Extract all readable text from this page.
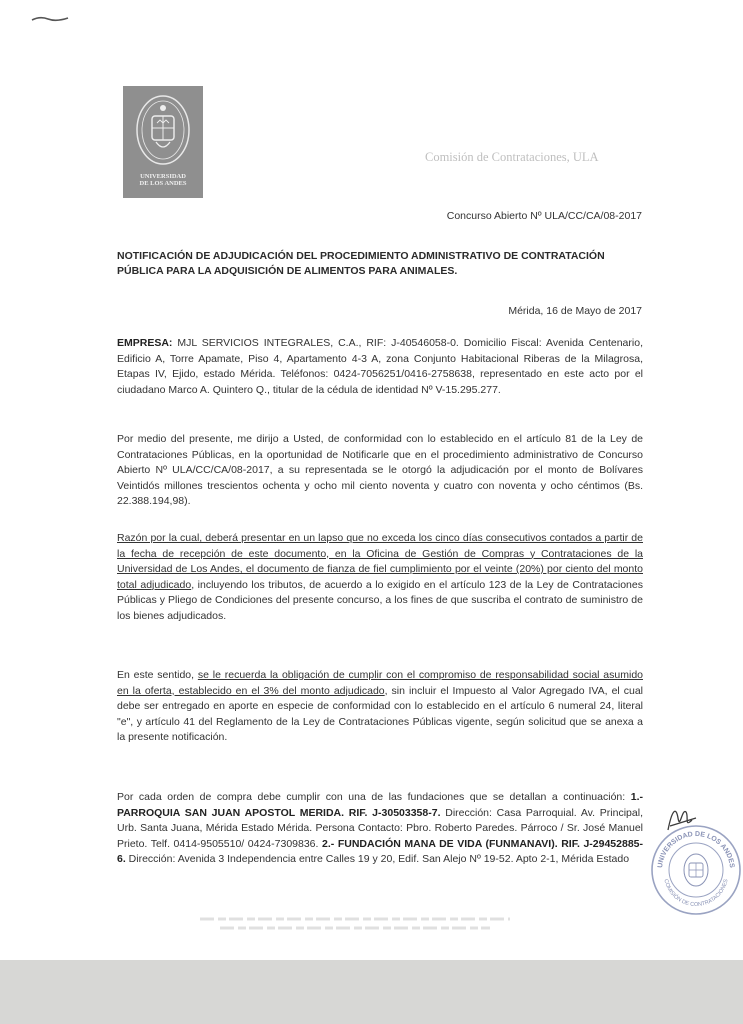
UNIVERSIDAD
DE LOS ANDES
Comisión de Contrataciones, ULA
Concurso Abierto Nº ULA/CC/CA/08-2017
NOTIFICACIÓN DE ADJUDICACIÓN DEL PROCEDIMIENTO ADMINISTRATIVO DE CONTRATACIÓN PÚBLICA PARA LA ADQUISICIÓN DE ALIMENTOS PARA ANIMALES.
Mérida, 16 de Mayo de 2017
EMPRESA: MJL SERVICIOS INTEGRALES, C.A., RIF: J-40546058-0. Domicilio Fiscal: Avenida Centenario, Edificio A, Torre Apamate, Piso 4, Apartamento 4-3 A, zona Conjunto Habitacional Riberas de la Milagrosa, Etapas IV, Ejido, estado Mérida. Teléfonos: 0424-7056251/0416-2758638, representado en este acto por el ciudadano Marco A. Quintero Q., titular de la cédula de identidad Nº V-15.295.277.
Por medio del presente, me dirijo a Usted, de conformidad con lo establecido en el artículo 81 de la Ley de Contrataciones Públicas, en la oportunidad de Notificarle que en el procedimiento administrativo de Concurso Abierto Nº ULA/CC/CA/08-2017, a su representada se le otorgó la adjudicación por el monto de Bolívares Veintidós millones trescientos ochenta y ocho mil ciento noventa y cuatro con noventa y ocho céntimos (Bs. 22.388.194,98).
Razón por la cual, deberá presentar en un lapso que no exceda los cinco días consecutivos contados a partir de la fecha de recepción de este documento, en la Oficina de Gestión de Compras y Contrataciones de la Universidad de Los Andes, el documento de fianza de fiel cumplimiento por el veinte (20%) por ciento del monto total adjudicado, incluyendo los tributos, de acuerdo a lo exigido en el artículo 123 de la Ley de Contrataciones Públicas y Pliego de Condiciones del presente concurso, a los fines de que suscriba el contrato de suministro de los bienes adjudicados.
En este sentido, se le recuerda la obligación de cumplir con el compromiso de responsabilidad social asumido en la oferta, establecido en el 3% del monto adjudicado, sin incluir el Impuesto al Valor Agregado IVA, el cual debe ser entregado en aporte en especie de conformidad con lo establecido en el artículo 6 numeral 24, literal "e", y artículo 41 del Reglamento de la Ley de Contrataciones Públicas vigente, según solicitud que se anexa a la presente notificación.
Por cada orden de compra debe cumplir con una de las fundaciones que se detallan a continuación: 1.- PARROQUIA SAN JUAN APOSTOL MERIDA. RIF. J-30503358-7. Dirección: Casa Parroquial. Av. Principal, Urb. Santa Juana, Mérida Estado Mérida. Persona Contacto: Pbro. Roberto Paredes. Párroco / Sr. José Manuel Prieto. Telf. 0414-9505510/ 0424-7309836. 2.- FUNDACIÓN MANA DE VIDA (FUNMANAVI). RIF. J-29452885-6. Dirección: Avenida 3 Independencia entre Calles 19 y 20, Edif. San Alejo Nº 19-52. Apto 2-1, Mérida Estado	UNIVERSIDAD DE LOS ANDES
COMISIÓN DE CONTRATACIONES
